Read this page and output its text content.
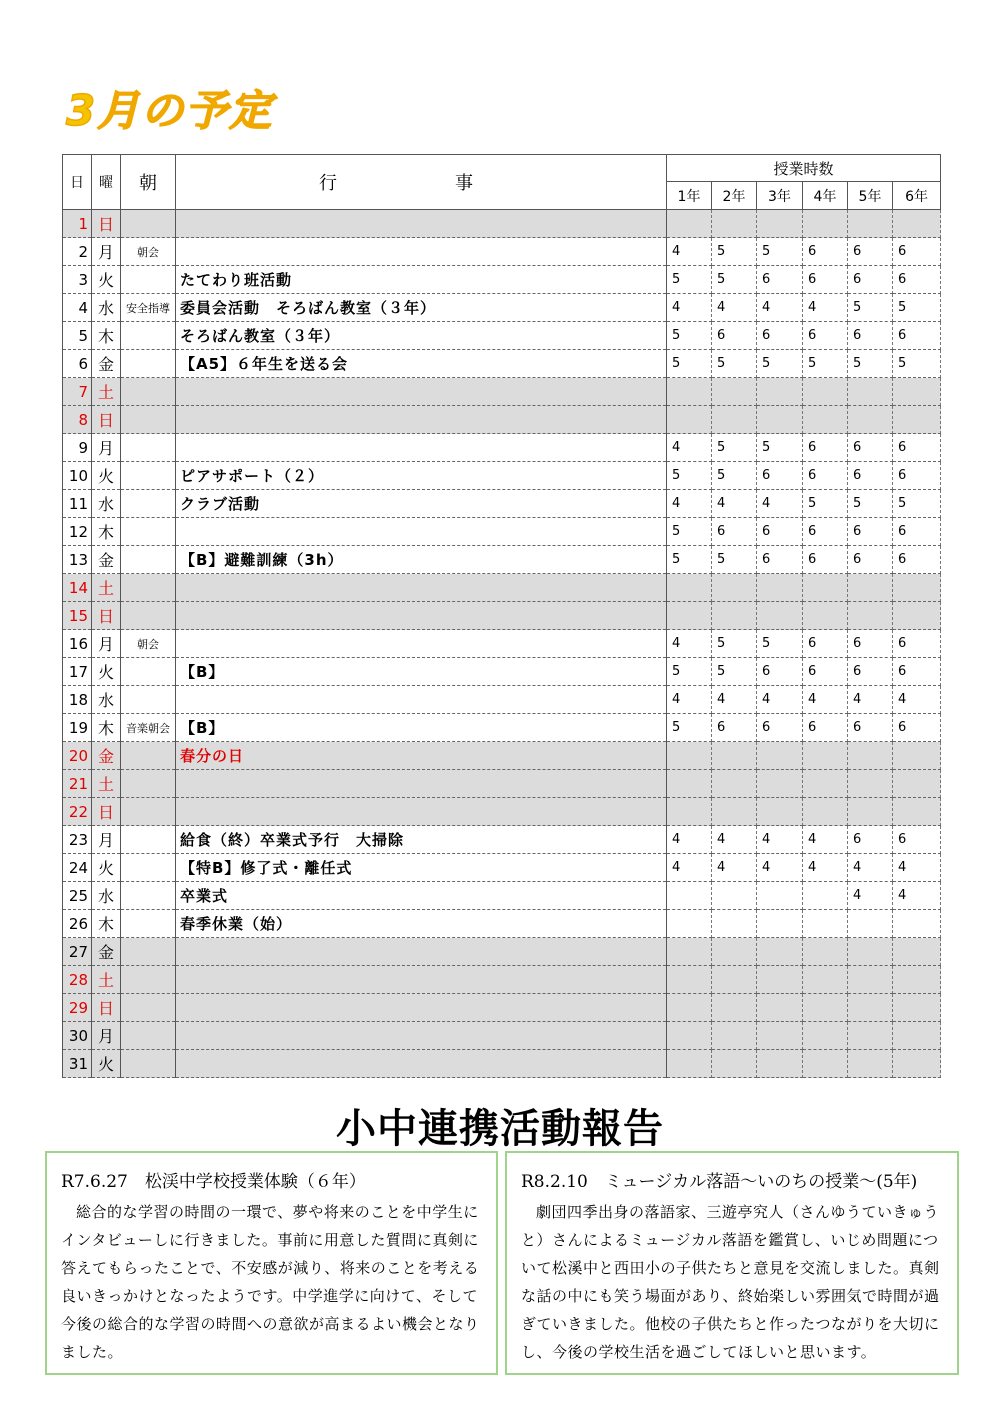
3月の予定
日	曜	朝	行　事	授業時数					
				1年	2年	3年	4年	5年	6年
1	日								
2	月	朝会		4	5	5	6	6	6
3	火		たてわり班活動	5	5	6	6	6	6
4	水	安全指導	委員会活動　そろばん教室（３年）	4	4	4	4	5	5
5	木		そろばん教室（３年）	5	6	6	6	6	6
6	金		【A5】６年生を送る会	5	5	5	5	5	5
7	土								
8	日								
9	月			4	5	5	6	6	6
10	火		ピアサポート（２）	5	5	6	6	6	6
11	水		クラブ活動	4	4	4	5	5	5
12	木			5	6	6	6	6	6
13	金		【B】避難訓練（3h）	5	5	6	6	6	6
14	土								
15	日								
16	月	朝会		4	5	5	6	6	6
17	火		【B】	5	5	6	6	6	6
18	水			4	4	4	4	4	4
19	木	音楽朝会	【B】	5	6	6	6	6	6
20	金		春分の日						
21	土								
22	日								
23	月		給食（終）卒業式予行　大掃除	4	4	4	4	6	6
24	火		【特B】修了式・離任式	4	4	4	4	4	4
25	水		卒業式					4	4
26	木		春季休業（始）						
27	金								
28	土								
29	日								
30	月								
31	火								
小中連携活動報告
R7.6.27　松渓中学校授業体験（６年）

総合的な学習の時間の一環で、夢や将来のことを中学生にインタビューしに行きました。事前に用意した質問に真剣に答えてもらったことで、不安感が減り、将来のことを考える良いきっかけとなったようです。中学進学に向けて、そして今後の総合的な学習の時間への意欲が高まるよい機会となりました。

R8.2.10　ミュージカル落語～いのちの授業～(5年)

劇団四季出身の落語家、三遊亭究人（さんゆうていきゅうと）さんによるミュージカル落語を鑑賞し、いじめ問題について松溪中と西田小の子供たちと意見を交流しました。真剣な話の中にも笑う場面があり、終始楽しい雰囲気で時間が過ぎていきました。他校の子供たちと作ったつながりを大切にし、今後の学校生活を過ごしてほしいと思います。
